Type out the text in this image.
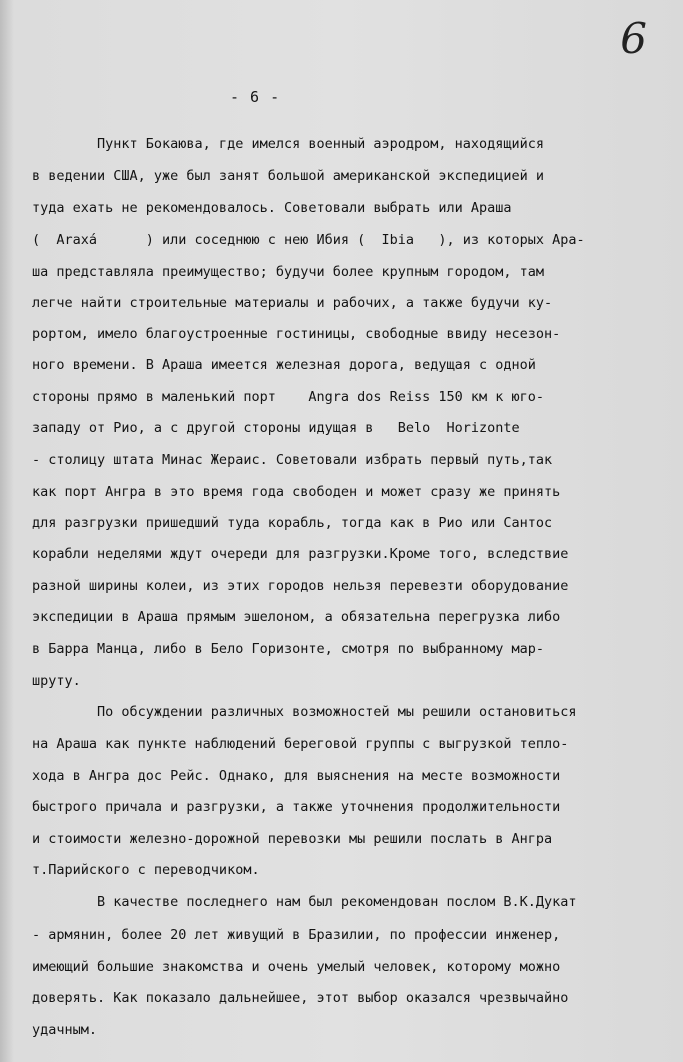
6
- 6 -
Пункт Бокаюва, где имелся военный аэродром, находящийся
в ведении США, уже был занят большой американской экспедицией и
туда ехать не рекомендовалось. Советовали выбрать или Араша
(  Araxá      ) или соседнюю с нею Ибия (  Ibia   ), из которых Ара-
ша представляла преимущество; будучи более крупным городом, там
легче найти строительные материалы и рабочих, а также будучи ку-
рортом, имело благоустроенные гостиницы, свободные ввиду несезон-
ного времени. В Араша имеется железная дорога, ведущая с одной
стороны прямо в маленький порт    Angra dos Reiss 150 км к юго-
западу от Рио, а с другой стороны идущая в   Belo  Horizonte
- столицу штата Минас Жераис. Советовали избрать первый путь,так
как порт Ангра в это время года свободен и может сразу же принять
для разгрузки пришедший туда корабль, тогда как в Рио или Сантос
корабли неделями ждут очереди для разгрузки.Кроме того, вследствие
разной ширины колеи, из этих городов нельзя перевезти оборудование
экспедиции в Араша прямым эшелоном, а обязательна перегрузка либо
в Барра Манца, либо в Бело Горизонте, смотря по выбранному мар-
шруту.
По обсуждении различных возможностей мы решили остановиться
на Араша как пункте наблюдений береговой группы с выгрузкой теплo-
хода в Ангра дос Рейс. Однако, для выяснения на месте возможности
быстрого причала и разгрузки, а также уточнения продолжительности
и стоимости железно-дорожной перевозки мы решили послать в Ангра
т.Парийского с переводчиком.
В качестве последнего нам был рекомендован послом В.К.Дукат
- армянин, более 20 лет живущий в Бразилии, по профессии инженер,
имеющий большие знакомства и очень умелый человек, которому можно
доверять. Как показало дальнейшее, этот выбор оказался чрезвычайно
удачным.
